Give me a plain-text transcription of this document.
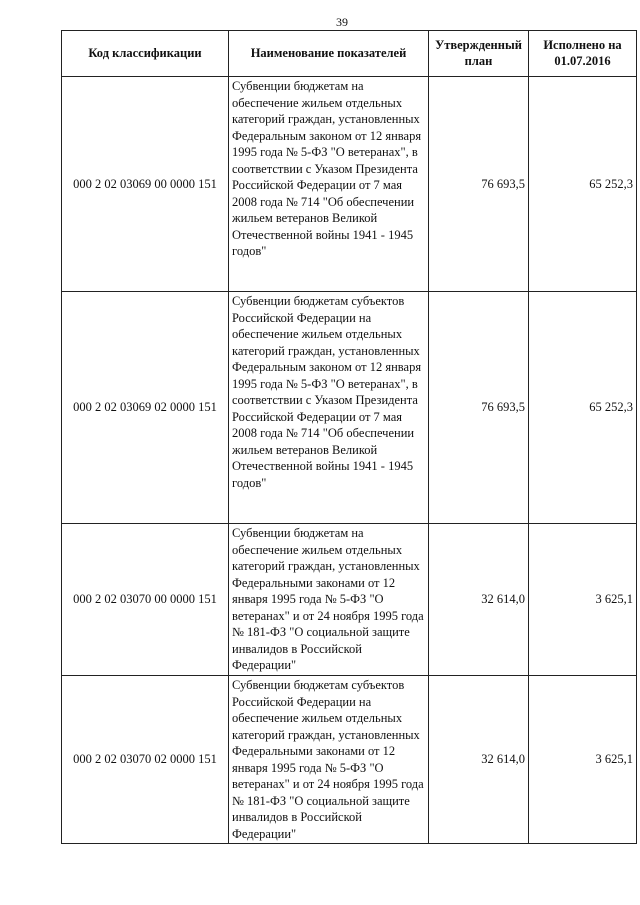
39
Код классификации	Наименование показателей	Утвержденный план	Исполнено на 01.07.2016
000 2 02 03069 00 0000 151	Субвенции бюджетам на обеспечение жильем отдельных категорий граждан, установленных Федеральным законом от 12 января 1995 года № 5-ФЗ "О ветеранах", в соответствии с Указом Президента Российской Федерации от 7 мая 2008 года № 714 "Об обеспечении жильем ветеранов Великой Отечественной войны 1941 - 1945 годов"	76 693,5	65 252,3
000 2 02 03069 02 0000 151	Субвенции бюджетам субъектов Российской Федерации на обеспечение жильем отдельных категорий граждан, установленных Федеральным законом от 12 января 1995 года № 5-ФЗ "О ветеранах", в соответствии с Указом Президента Российской Федерации от 7 мая 2008 года № 714 "Об обеспечении жильем ветеранов Великой Отечественной войны 1941 - 1945 годов"	76 693,5	65 252,3
000 2 02 03070 00 0000 151	Субвенции бюджетам на обеспечение жильем отдельных категорий граждан, установленных Федеральными законами от 12 января 1995 года № 5-ФЗ "О ветеранах" и от 24 ноября 1995 года № 181-ФЗ "О социальной защите инвалидов в Российской Федерации"	32 614,0	3 625,1
000 2 02 03070 02 0000 151	Субвенции бюджетам субъектов Российской Федерации на обеспечение жильем отдельных категорий граждан, установленных Федеральными законами от 12 января 1995 года № 5-ФЗ "О ветеранах" и от 24 ноября 1995 года № 181-ФЗ "О социальной защите инвалидов в Российской Федерации"	32 614,0	3 625,1
